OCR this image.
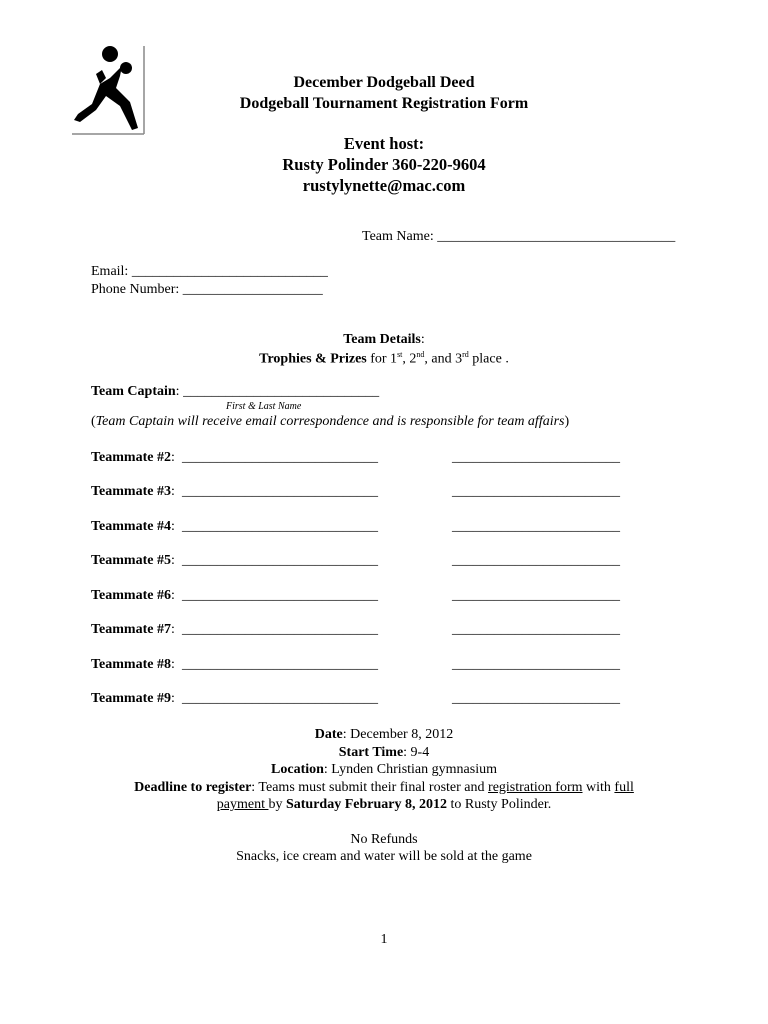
December Dodgeball Deed
Dodgeball Tournament Registration Form
Event host:
Rusty Polinder 360-220-9604
rustylynette@mac.com
Team Name: __________________________________
Email: ____________________________
Phone Number: ____________________
Team Details:
Trophies & Prizes for 1st, 2nd, and 3rd place .
Team Captain: ____________________________
First & Last Name
(Team Captain will receive email correspondence and is responsible for team affairs)
Teammate #2: ____________________________	________________________
Teammate #3: ____________________________	________________________
Teammate #4: ____________________________	________________________
Teammate #5: ____________________________	________________________
Teammate #6: ____________________________	________________________
Teammate #7: ____________________________	________________________
Teammate #8: ____________________________	________________________
Teammate #9: ____________________________	________________________
Date: December 8, 2012
Start Time: 9-4
Location: Lynden Christian gymnasium
Deadline to register: Teams must submit their final roster and registration form with full
payment by Saturday February 8, 2012 to Rusty Polinder.
No Refunds
Snacks, ice cream and water will be sold at the game
1
